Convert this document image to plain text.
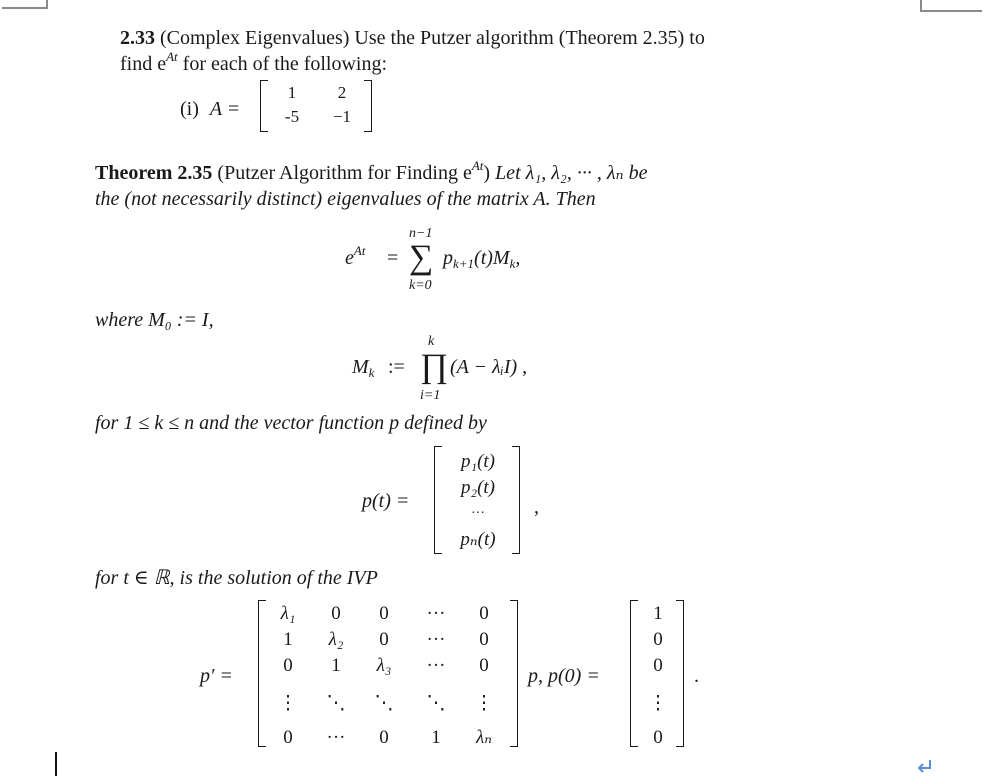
2.33 (Complex Eigenvalues) Use the Putzer algorithm (Theorem 2.35) to
find $e^{At}$ for each of the following:
(i) A =
1	2
-5	−1
Theorem 2.35 (Putzer Algorithm for Finding $e^{At}$) Let λ₁, λ₂, ··· , λₙ be
the (not necessarily distinct) eigenvalues of the matrix A. Then
$e^{At}$ =
n−1
∑
k=0
$p_{k+1}(t)M_k$,
where M₀ := I,
$M_k$ :=
k
∏
i=1
(A − λᵢI) ,
for 1 ≤ k ≤ n and the vector function p defined by
p(t) =
p₁(t)
p₂(t)
···
pₙ(t)
,
for t ∈ ℝ, is the solution of the IVP
p′ =
λ₁	0	0	···	0
1	λ₂	0	···	0
0	1	λ₃	···	0
⋮	⋱	⋱	⋱	⋮
0	···	0	1	λₙ
p, p(0) =
1
0
0
⋮
0
.
